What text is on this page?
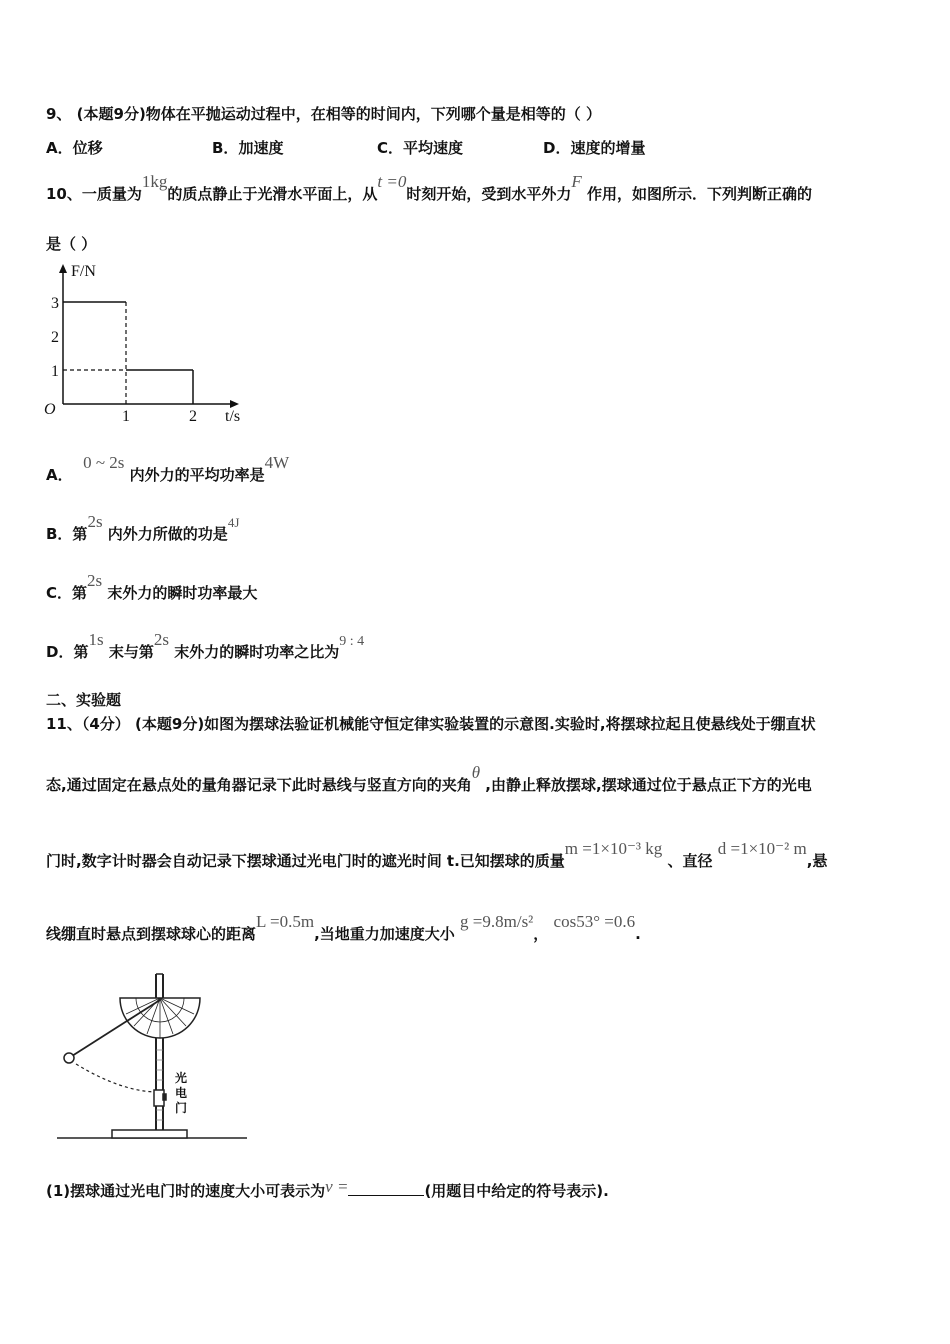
9、 (本题9分)物体在平抛运动过程中，在相等的时间内，下列哪个量是相等的（ ）
A．位移	B．加速度	C．平均速度	D．速度的增量
10、一质量为1kg的质点静止于光滑水平面上，从t =0时刻开始，受到水平外力F 作用，如图所示．下列判断正确的
是（ ）
F/N
t/s
O
3
2
1
1	2
A．  0 ~ 2s 内外力的平均功率是4W
B．第2s 内外力所做的功是4J
C．第2s 末外力的瞬时功率最大
D．第1s 末与第2s 末外力的瞬时功率之比为9 : 4
二、实验题
11、（4分） (本题9分)如图为摆球法验证机械能守恒定律实验装置的示意图.实验时,将摆球拉起且使悬线处于绷直状
态,通过固定在悬点处的量角器记录下此时悬线与竖直方向的夹角θ ,由静止释放摆球,摆球通过位于悬点正下方的光电
门时,数字计时器会自动记录下摆球通过光电门时的遮光时间 t.已知摆球的质量m =1×10⁻³ kg 、直径 d =1×10⁻² m,悬
线绷直时悬点到摆球球心的距离L =0.5m,当地重力加速度大小 g =9.8m/s²， cos53° =0.6.
光
电
门
(1)摆球通过光电门时的速度大小可表示为v =	(用题目中给定的符号表示).
